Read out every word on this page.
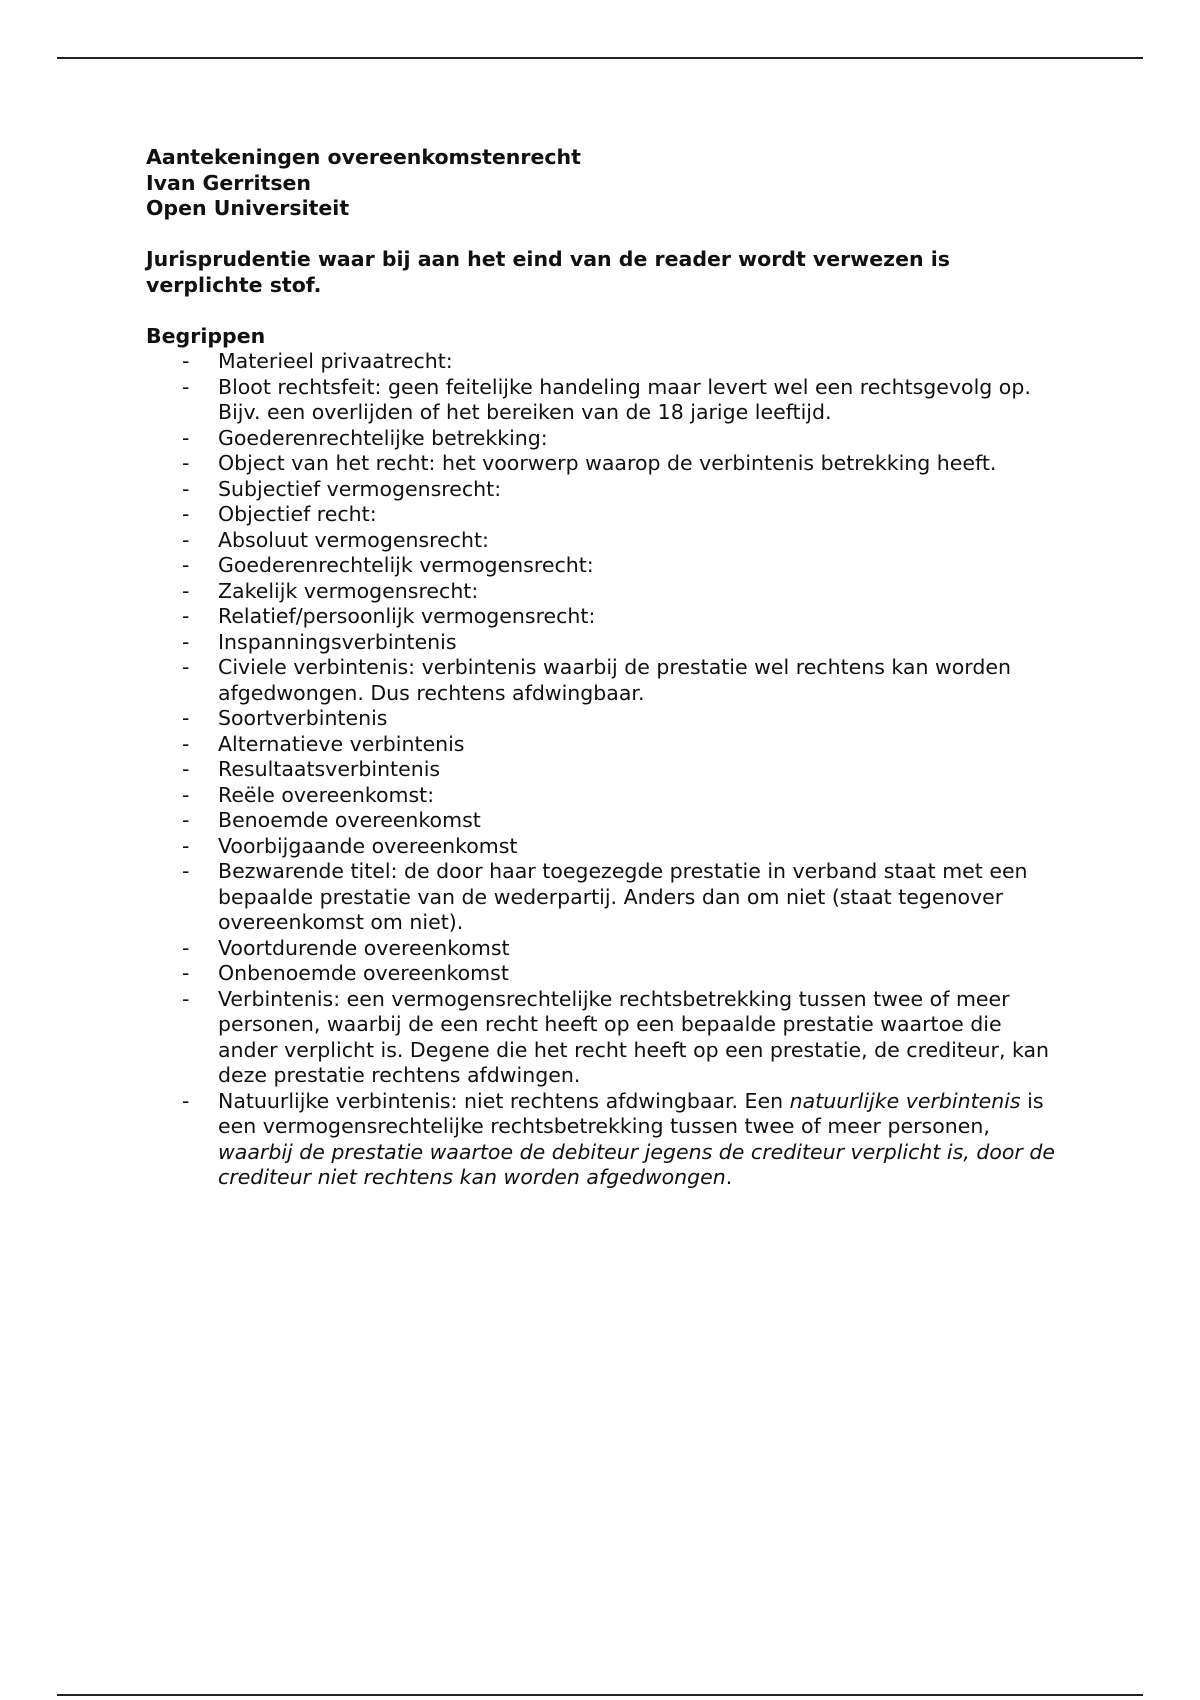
Aantekeningen overeenkomstenrecht
Ivan Gerritsen
Open Universiteit
Jurisprudentie waar bij aan het eind van de reader wordt verwezen is verplichte stof.
Begrippen
- Materieel privaatrecht:
- Bloot rechtsfeit: geen feitelijke handeling maar levert wel een rechtsgevolg op. Bijv. een overlijden of het bereiken van de 18 jarige leeftijd.
- Goederenrechtelijke betrekking:
- Object van het recht: het voorwerp waarop de verbintenis betrekking heeft.
- Subjectief vermogensrecht:
- Objectief recht:
- Absoluut vermogensrecht:
- Goederenrechtelijk vermogensrecht:
- Zakelijk vermogensrecht:
- Relatief/persoonlijk vermogensrecht:
- Inspanningsverbintenis
- Civiele verbintenis: verbintenis waarbij de prestatie wel rechtens kan worden afgedwongen. Dus rechtens afdwingbaar.
- Soortverbintenis
- Alternatieve verbintenis
- Resultaatsverbintenis
- Reële overeenkomst:
- Benoemde overeenkomst
- Voorbijgaande overeenkomst
- Bezwarende titel: de door haar toegezegde prestatie in verband staat met een bepaalde prestatie van de wederpartij. Anders dan om niet (staat tegenover overeenkomst om niet).
- Voortdurende overeenkomst
- Onbenoemde overeenkomst
- Verbintenis: een vermogensrechtelijke rechtsbetrekking tussen twee of meer personen, waarbij de een recht heeft op een bepaalde prestatie waartoe die ander verplicht is. Degene die het recht heeft op een prestatie, de crediteur, kan deze prestatie rechtens afdwingen.
- Natuurlijke verbintenis: niet rechtens afdwingbaar. Een natuurlijke verbintenis is een vermogensrechtelijke rechtsbetrekking tussen twee of meer personen, waarbij de prestatie waartoe de debiteur jegens de crediteur verplicht is, door de crediteur niet rechtens kan worden afgedwongen.
